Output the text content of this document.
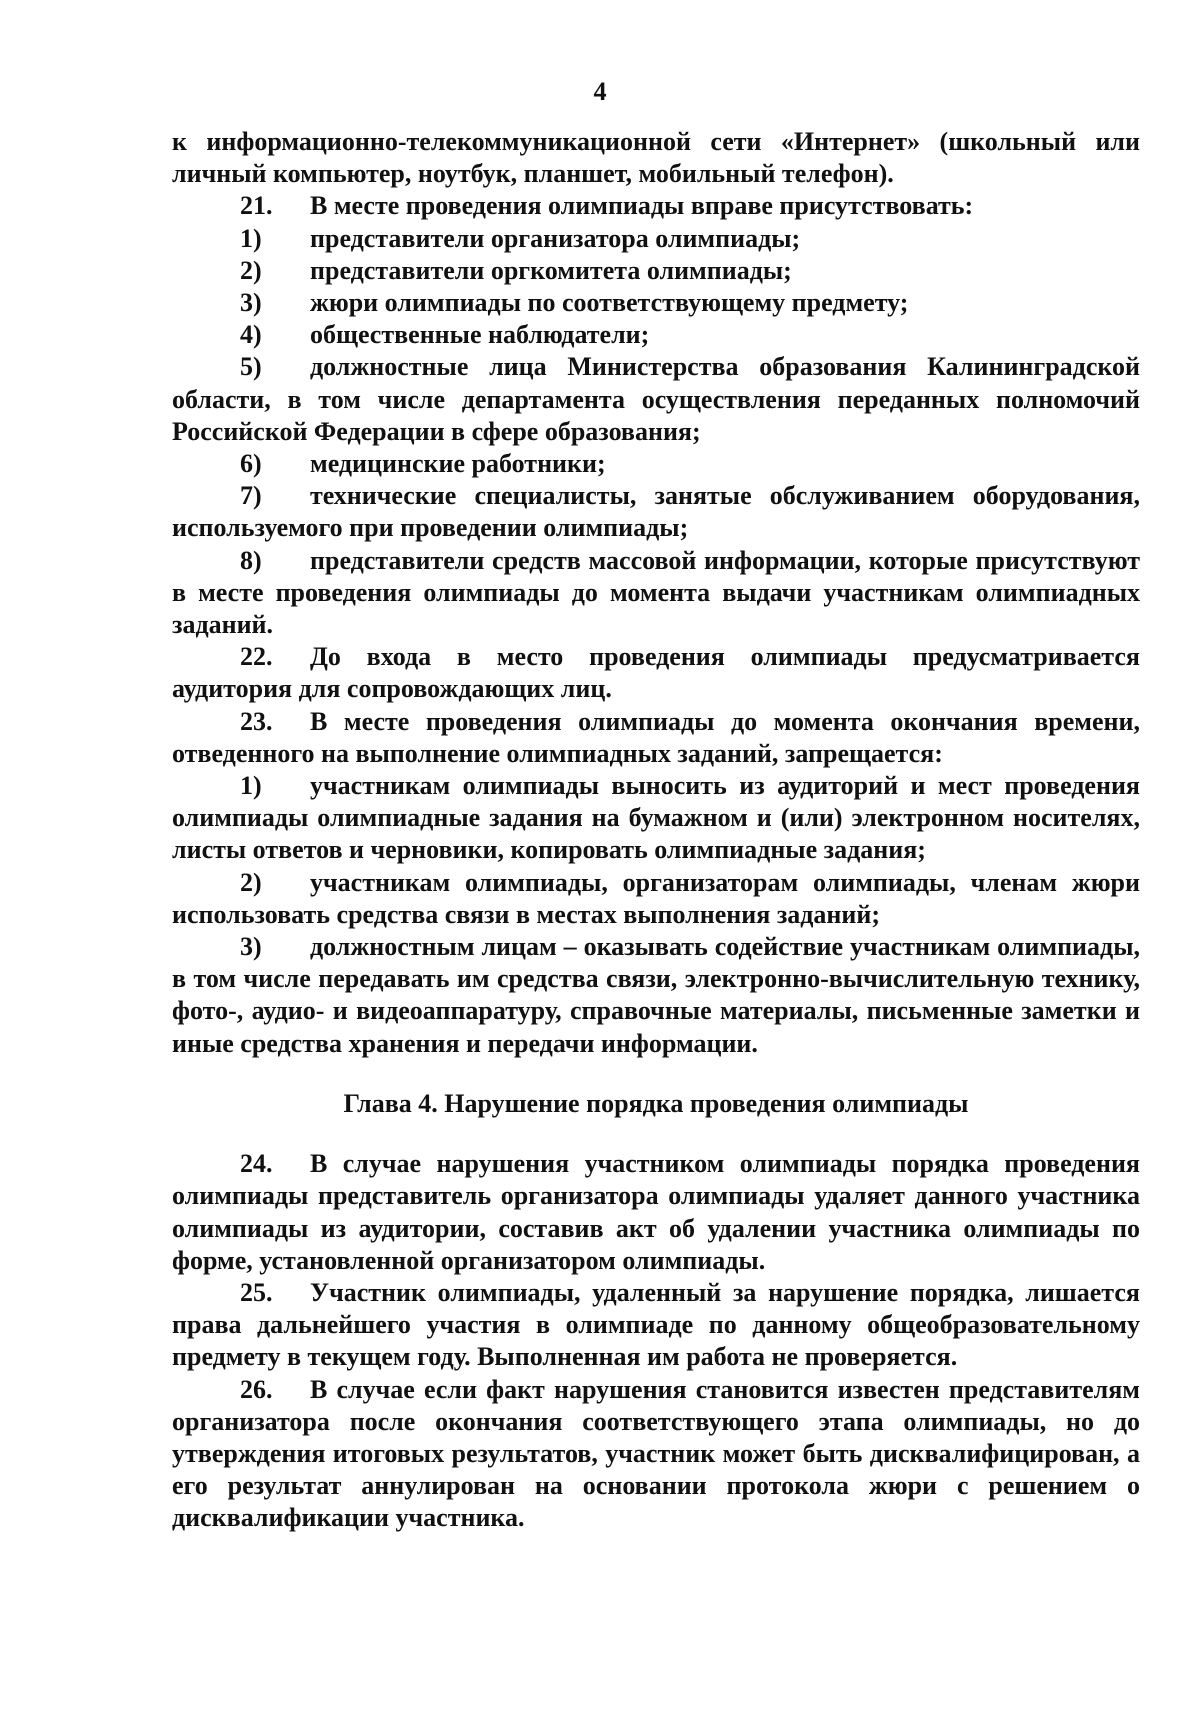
4

к информационно-телекоммуникационной сети «Интернет» (школьный или личный компьютер, ноутбук, планшет, мобильный телефон).

21. В месте проведения олимпиады вправе присутствовать:

1) представители организатора олимпиады;

2) представители оргкомитета олимпиады;

3) жюри олимпиады по соответствующему предмету;

4) общественные наблюдатели;

5) должностные лица Министерства образования Калининградской области, в том числе департамента осуществления переданных полномочий Российской Федерации в сфере образования;

6) медицинские работники;

7) технические специалисты, занятые обслуживанием оборудования, используемого при проведении олимпиады;

8) представители средств массовой информации, которые присутствуют в месте проведения олимпиады до момента выдачи участникам олимпиадных заданий.

22. До входа в место проведения олимпиады предусматривается аудитория для сопровождающих лиц.

23. В месте проведения олимпиады до момента окончания времени, отведенного на выполнение олимпиадных заданий, запрещается:

1) участникам олимпиады выносить из аудиторий и мест проведения олимпиады олимпиадные задания на бумажном и (или) электронном носителях, листы ответов и черновики, копировать олимпиадные задания;

2) участникам олимпиады, организаторам олимпиады, членам жюри использовать средства связи в местах выполнения заданий;

3) должностным лицам – оказывать содействие участникам олимпиады, в том числе передавать им средства связи, электронно-вычислительную технику, фото-, аудио- и видеоаппаратуру, справочные материалы, письменные заметки и иные средства хранения и передачи информации.

Глава 4. Нарушение порядка проведения олимпиады

24. В случае нарушения участником олимпиады порядка проведения олимпиады представитель организатора олимпиады удаляет данного участника олимпиады из аудитории, составив акт об удалении участника олимпиады по форме, установленной организатором олимпиады.

25. Участник олимпиады, удаленный за нарушение порядка, лишается права дальнейшего участия в олимпиаде по данному общеобразовательному предмету в текущем году. Выполненная им работа не проверяется.

26. В случае если факт нарушения становится известен представителям организатора после окончания соответствующего этапа олимпиады, но до утверждения итоговых результатов, участник может быть дисквалифицирован, а его результат аннулирован на основании протокола жюри с решением о дисквалификации участника.
